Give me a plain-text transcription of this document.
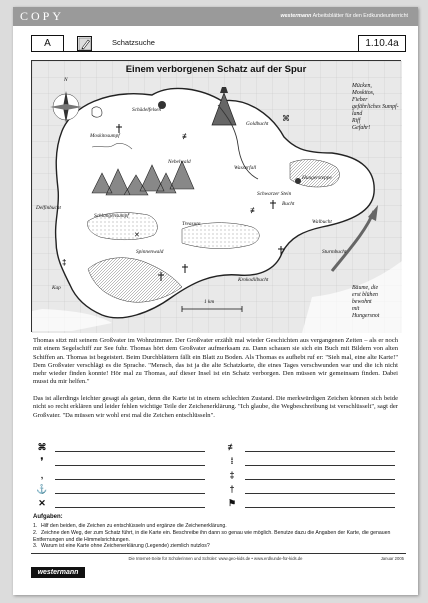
COPY	westermann Arbeitsblätter für den Erdkundeunterricht
A	Schatzsuche	1.10.4a
‡
≢
≢
✕
⌘
Einem verborgenen Schatz auf der Spur
Schädelfelsen
Moskitosumpf
Goldbucht
Nebelwald
Hungersteppe
Delfinbucht
Schlangensumpf
Schwarzer Stein
Spinnenwald
Krokodilbucht
Kap
Walbucht
Sturmbucht
Wasserfall
Bucht
Treasure
1 km
N
Mücken,
Moskitos,
Fieber
gefährliches Sumpf-
land
Riff
Gefahr!
Bäume, die
erst blühen
bewohnt
mit
Hungersnot

Thomas sitzt mit seinem Großvater im Wohnzimmer. Der Großvater erzählt mal wieder Geschichten aus vergangenen Zeiten – als er noch mit einem Segelschiff zur See fuhr. Thomas hört dem Großvater aufmerksam zu. Dann schauen sie sich ein Buch mit Bildern von alten Schiffen an. Thomas ist begeistert. Beim Durchblättern fällt ein Blatt zu Boden. Als Thomas es aufhebt ruf er: "Sieh mal, eine alte Karte!" Dem Großvater verschlägt es die Sprache. "Mensch, das ist ja die alte Schatzkarte, die eines Tages verschwunden war und die ich nicht mehr wieder finden konnte! Hör mal zu Thomas, auf dieser Insel ist ein Schatz verborgen. Den müssen wir gemeinsam finden. Dabei musst du mir helfen."

Das ist allerdings leichter gesagt als getan, denn die Karte ist in einem schlechten Zustand. Die merkwürdigen Zeichen können sich beide nicht so recht erklären und leider fehlen wichtige Teile der Zeichenerklärung. "Ich glaube, die Wegbeschreibung ist verschlüsselt", sagt der Großvater. "Da müssen wir wohl erst mal die Zeichen entschlüsseln".

⌘
❜
‚
⚓
✕
≢
⁞
‡
†
⚑
Aufgaben:
1. Hilf den beiden, die Zeichen zu entschlüsseln und ergänze die Zeichenerklärung.
2. Zeichne den Weg, der zum Schatz führt, in die Karte ein. Beschreibe ihn dann so genau wie möglich. Benutze dazu die Angaben der Karte, die genauen Entfernungen und die Himmelsrichtungen.
3. Warum ist eine Karte ohne Zeichenerklärung (Legende) ziemlich nutzlos?
Die Internet-Seite für Schülerinnen und Schüler: www.geo-kids.de • www.erdkunde-für-kids.de	Januar 2005
westermann
